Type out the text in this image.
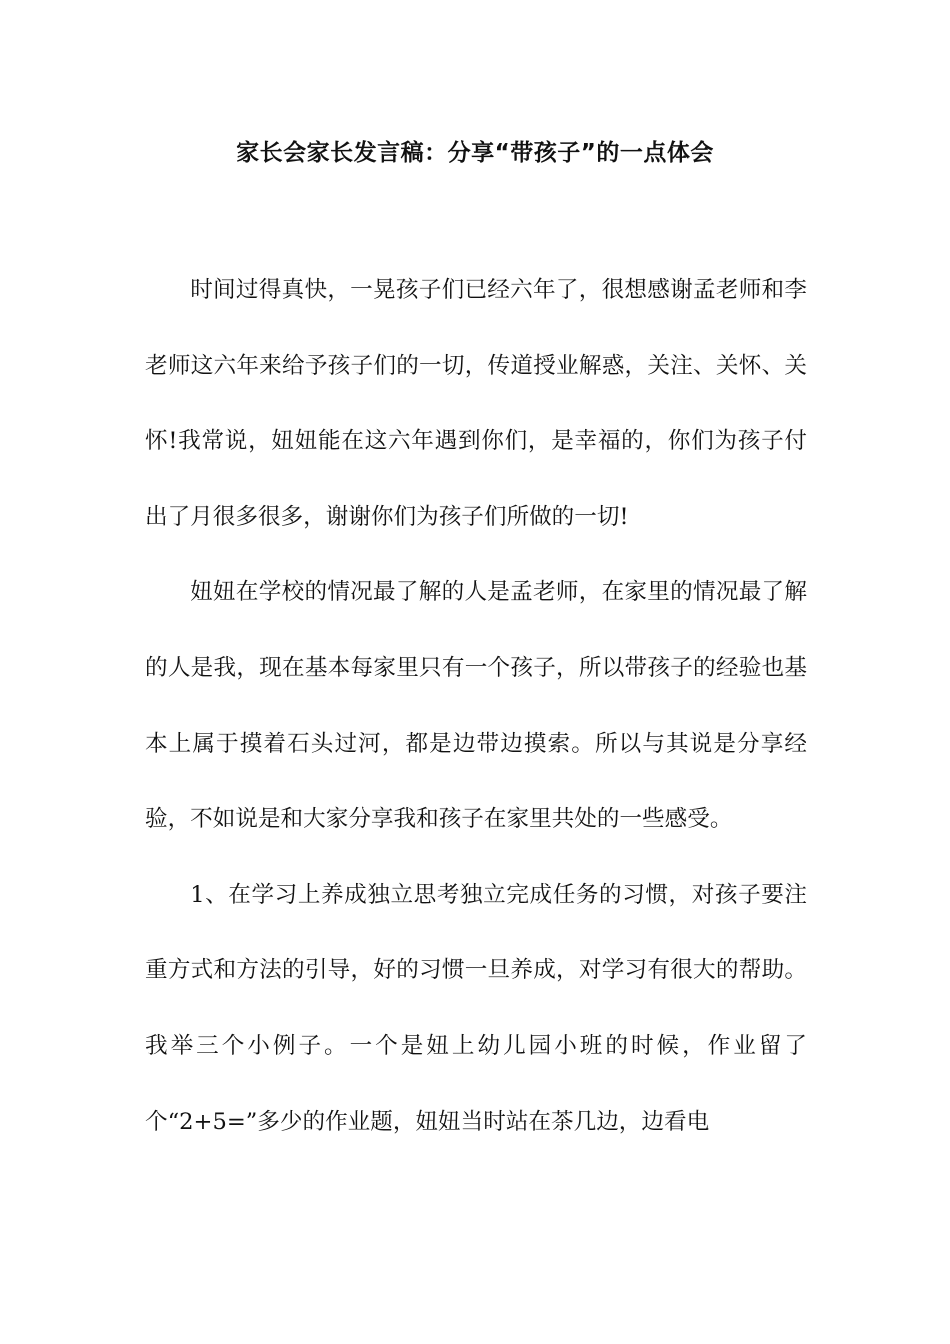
家长会家长发言稿：分享“带孩子”的一点体会

时间过得真快，一晃孩子们已经六年了，很想感谢孟老师和李老师这六年来给予孩子们的一切，传道授业解惑，关注、关怀、关怀!我常说，妞妞能在这六年遇到你们，是幸福的，你们为孩子付出了月很多很多，谢谢你们为孩子们所做的一切!

妞妞在学校的情况最了解的人是孟老师，在家里的情况最了解的人是我，现在基本每家里只有一个孩子，所以带孩子的经验也基本上属于摸着石头过河，都是边带边摸索。所以与其说是分享经验，不如说是和大家分享我和孩子在家里共处的一些感受。

1、在学习上养成独立思考独立完成任务的习惯，对孩子要注重方式和方法的引导，好的习惯一旦养成，对学习有很大的帮助。我举三个小例子。一个是妞上幼儿园小班的时候，作业留了个“2+5=”多少的作业题，妞妞当时站在茶几边，边看电
